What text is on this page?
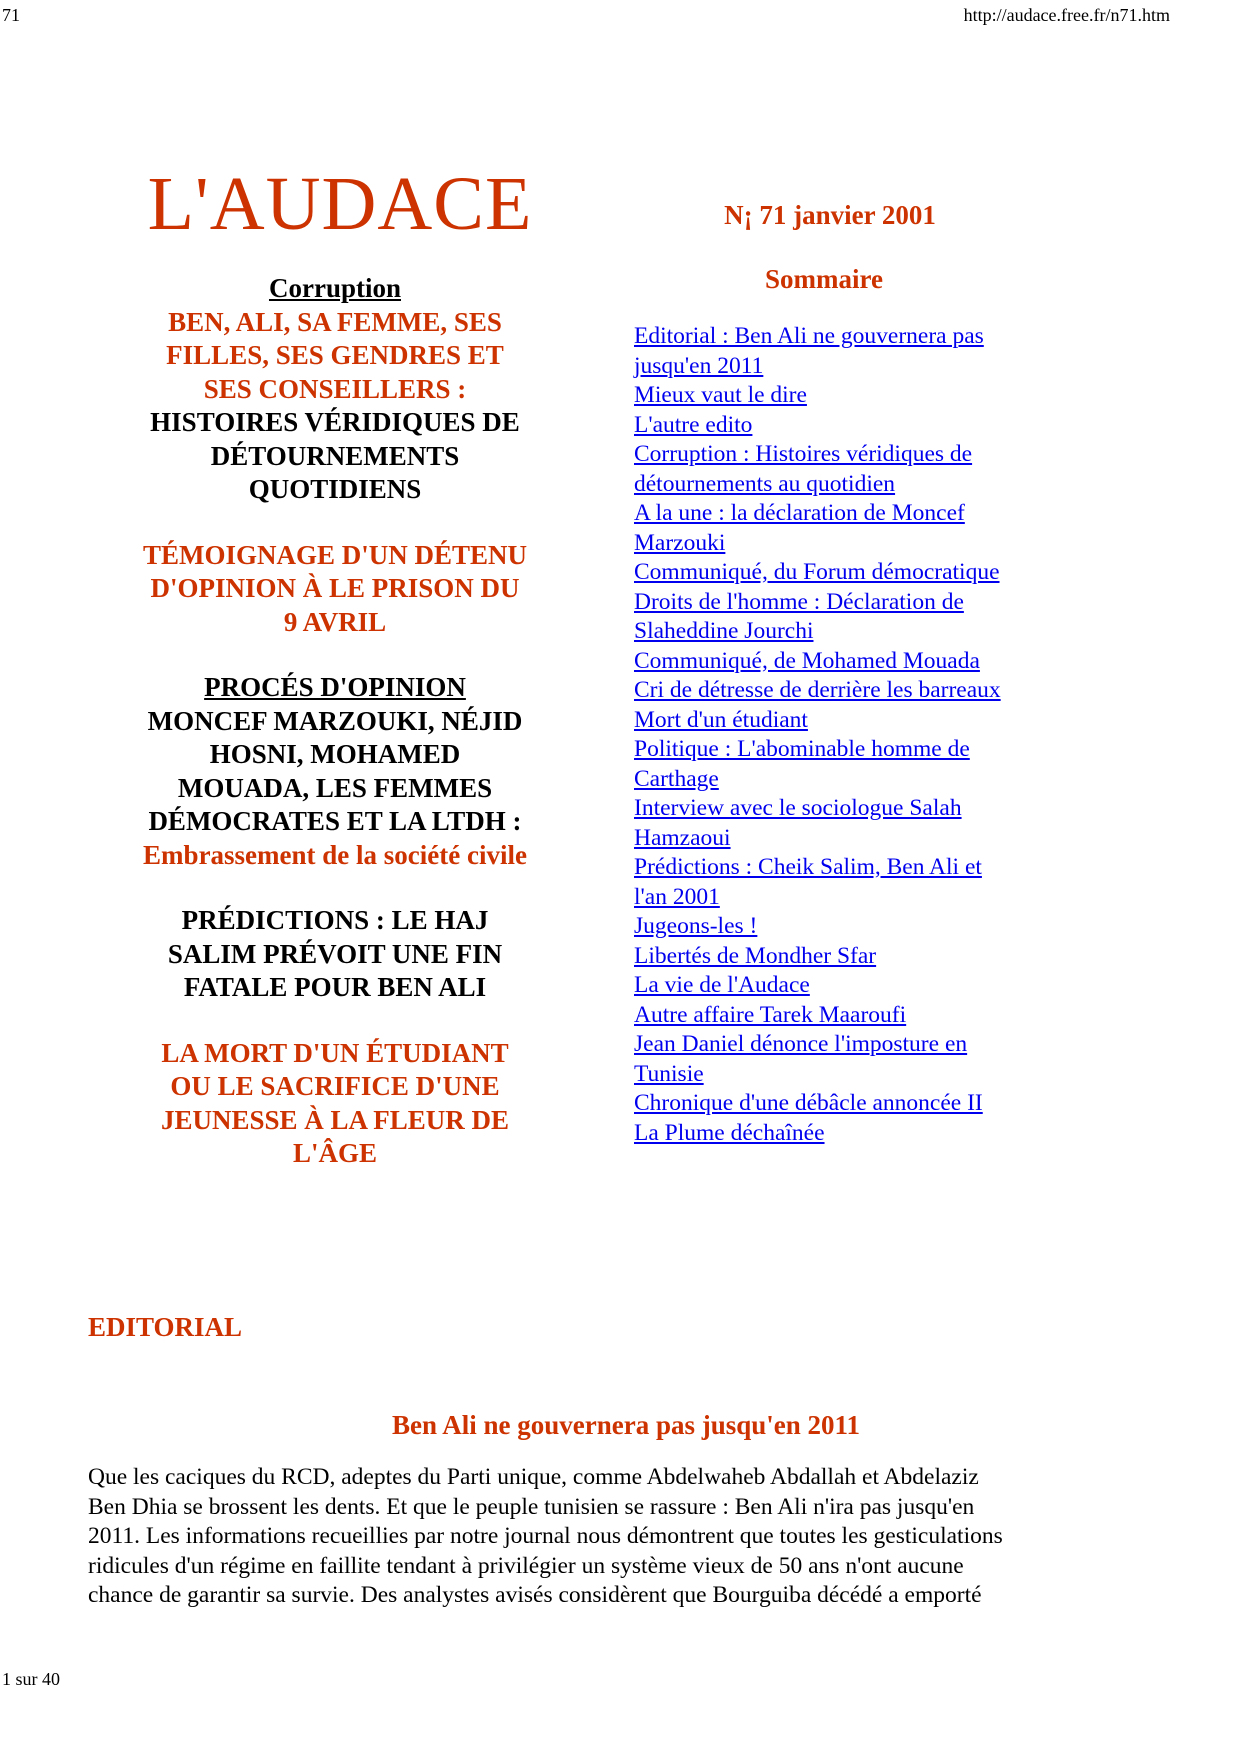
71	http://audace.free.fr/n71.htm
L'AUDACE	N¡ 71 janvier 2001
Corruption
BEN, ALI, SA FEMME, SES
FILLES, SES GENDRES ET
SES CONSEILLERS :
HISTOIRES VÉRIDIQUES DE
DÉTOURNEMENTS
QUOTIDIENS
TÉMOIGNAGE D'UN DÉTENU
D'OPINION À LE PRISON DU
9 AVRIL
PROCÉS D'OPINION
MONCEF MARZOUKI, NÉJID
HOSNI, MOHAMED
MOUADA, LES FEMMES
DÉMOCRATES ET LA LTDH :
Embrassement de la société civile
PRÉDICTIONS : LE HAJ
SALIM PRÉVOIT UNE FIN
FATALE POUR BEN ALI
LA MORT D'UN ÉTUDIANT
OU LE SACRIFICE D'UNE
JEUNESSE À LA FLEUR DE
L'ÂGE
Sommaire
Editorial : Ben Ali ne gouvernera pas
jusqu'en 2011
Mieux vaut le dire
L'autre edito
Corruption : Histoires véridiques de
détournements au quotidien
A la une : la déclaration de Moncef
Marzouki
Communiqué, du Forum démocratique
Droits de l'homme : Déclaration de
Slaheddine Jourchi
Communiqué, de Mohamed Mouada
Cri de détresse de derrière les barreaux
Mort d'un étudiant
Politique : L'abominable homme de
Carthage
Interview avec le sociologue Salah
Hamzaoui
Prédictions : Cheik Salim, Ben Ali et
l'an 2001
Jugeons-les !
Libertés de Mondher Sfar
La vie de l'Audace
Autre affaire Tarek Maaroufi
Jean Daniel dénonce l'imposture en
Tunisie
Chronique d'une débâcle annoncée II
La Plume déchaînée
EDITORIAL
Ben Ali ne gouvernera pas jusqu'en 2011
Que les caciques du RCD, adeptes du Parti unique, comme Abdelwaheb Abdallah et Abdelaziz
Ben Dhia se brossent les dents. Et que le peuple tunisien se rassure : Ben Ali n'ira pas jusqu'en
2011. Les informations recueillies par notre journal nous démontrent que toutes les gesticulations
ridicules d'un régime en faillite tendant à privilégier un système vieux de 50 ans n'ont aucune
chance de garantir sa survie. Des analystes avisés considèrent que Bourguiba décédé a emporté
1 sur 40
